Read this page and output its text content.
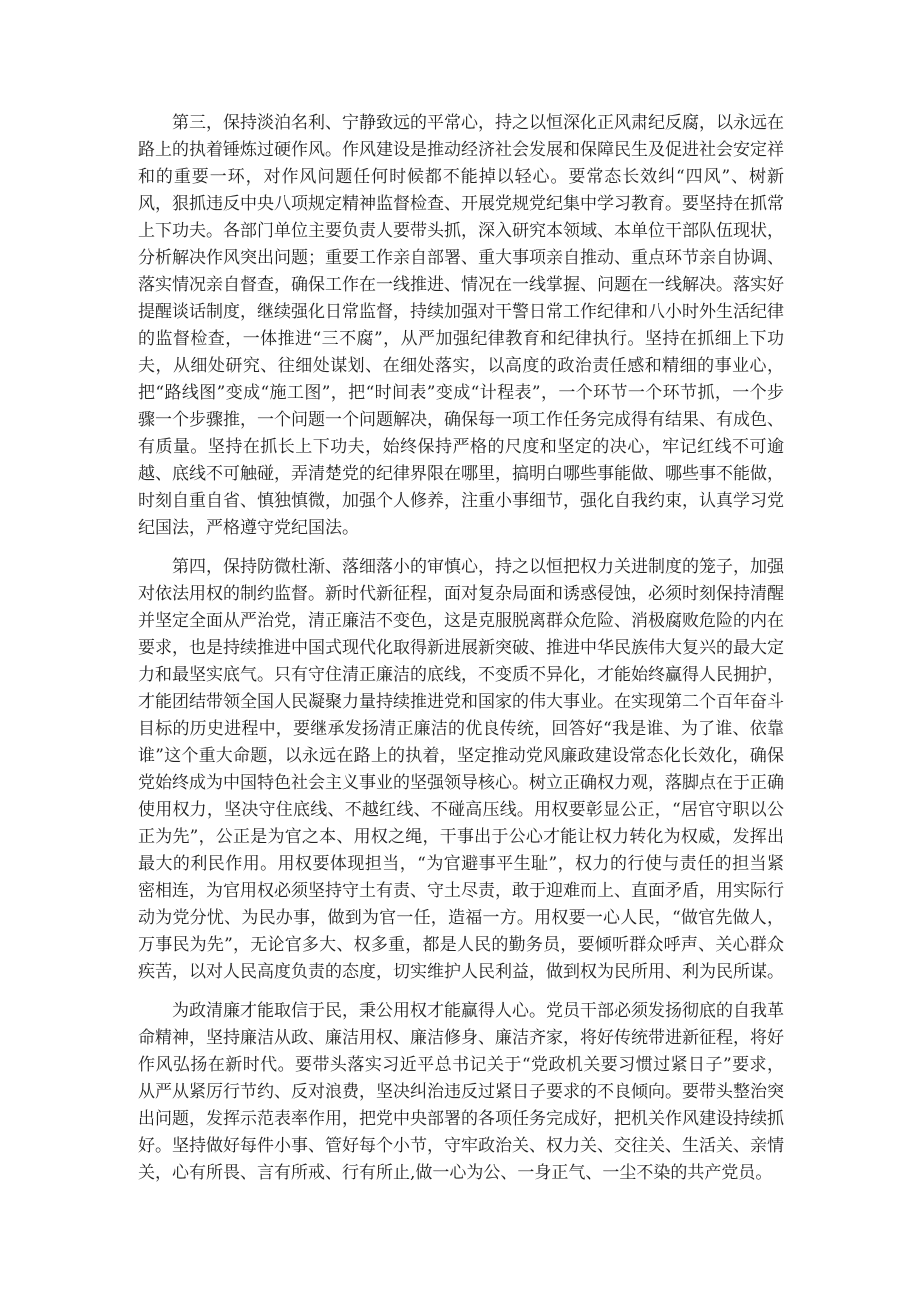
第三，保持淡泊名利、宁静致远的平常心，持之以恒深化正风肃纪反腐，以永远在路上的执着锤炼过硬作风。作风建设是推动经济社会发展和保障民生及促进社会安定祥和的重要一环，对作风问题任何时候都不能掉以轻心。要常态长效纠“四风”、树新风，狠抓违反中央八项规定精神监督检查、开展党规党纪集中学习教育。要坚持在抓常上下功夫。各部门单位主要负责人要带头抓，深入研究本领域、本单位干部队伍现状，分析解决作风突出问题；重要工作亲自部署、重大事项亲自推动、重点环节亲自协调、落实情况亲自督查，确保工作在一线推进、情况在一线掌握、问题在一线解决。落实好提醒谈话制度，继续强化日常监督，持续加强对干警日常工作纪律和八小时外生活纪律的监督检查，一体推进“三不腐”，从严加强纪律教育和纪律执行。坚持在抓细上下功夫，从细处研究、往细处谋划、在细处落实，以高度的政治责任感和精细的事业心，把“路线图”变成“施工图”，把“时间表”变成“计程表”，一个环节一个环节抓，一个步骤一个步骤推，一个问题一个问题解决，确保每一项工作任务完成得有结果、有成色、有质量。坚持在抓长上下功夫，始终保持严格的尺度和坚定的决心，牢记红线不可逾越、底线不可触碰，弄清楚党的纪律界限在哪里，搞明白哪些事能做、哪些事不能做，时刻自重自省、慎独慎微，加强个人修养，注重小事细节，强化自我约束，认真学习党纪国法，严格遵守党纪国法。

第四，保持防微杜渐、落细落小的审慎心，持之以恒把权力关进制度的笼子，加强对依法用权的制约监督。新时代新征程，面对复杂局面和诱惑侵蚀，必须时刻保持清醒并坚定全面从严治党，清正廉洁不变色，这是克服脱离群众危险、消极腐败危险的内在要求，也是持续推进中国式现代化取得新进展新突破、推进中华民族伟大复兴的最大定力和最坚实底气。只有守住清正廉洁的底线，不变质不异化，才能始终赢得人民拥护，才能团结带领全国人民凝聚力量持续推进党和国家的伟大事业。在实现第二个百年奋斗目标的历史进程中，要继承发扬清正廉洁的优良传统，回答好“我是谁、为了谁、依靠谁”这个重大命题，以永远在路上的执着，坚定推动党风廉政建设常态化长效化，确保党始终成为中国特色社会主义事业的坚强领导核心。树立正确权力观，落脚点在于正确使用权力，坚决守住底线、不越红线、不碰高压线。用权要彰显公正，“居官守职以公正为先”，公正是为官之本、用权之绳，干事出于公心才能让权力转化为权威，发挥出最大的利民作用。用权要体现担当，“为官避事平生耻”，权力的行使与责任的担当紧密相连，为官用权必须坚持守土有责、守土尽责，敢于迎难而上、直面矛盾，用实际行动为党分忧、为民办事，做到为官一任，造福一方。用权要一心人民，“做官先做人，万事民为先”，无论官多大、权多重，都是人民的勤务员，要倾听群众呼声、关心群众疾苦，以对人民高度负责的态度，切实维护人民利益，做到权为民所用、利为民所谋。

为政清廉才能取信于民，秉公用权才能赢得人心。党员干部必须发扬彻底的自我革命精神，坚持廉洁从政、廉洁用权、廉洁修身、廉洁齐家，将好传统带进新征程，将好作风弘扬在新时代。要带头落实习近平总书记关于“党政机关要习惯过紧日子”要求，从严从紧厉行节约、反对浪费，坚决纠治违反过紧日子要求的不良倾向。要带头整治突出问题，发挥示范表率作用，把党中央部署的各项任务完成好，把机关作风建设持续抓好。坚持做好每件小事、管好每个小节，守牢政治关、权力关、交往关、生活关、亲情关，心有所畏、言有所戒、行有所止,做一心为公、一身正气、一尘不染的共产党员。
